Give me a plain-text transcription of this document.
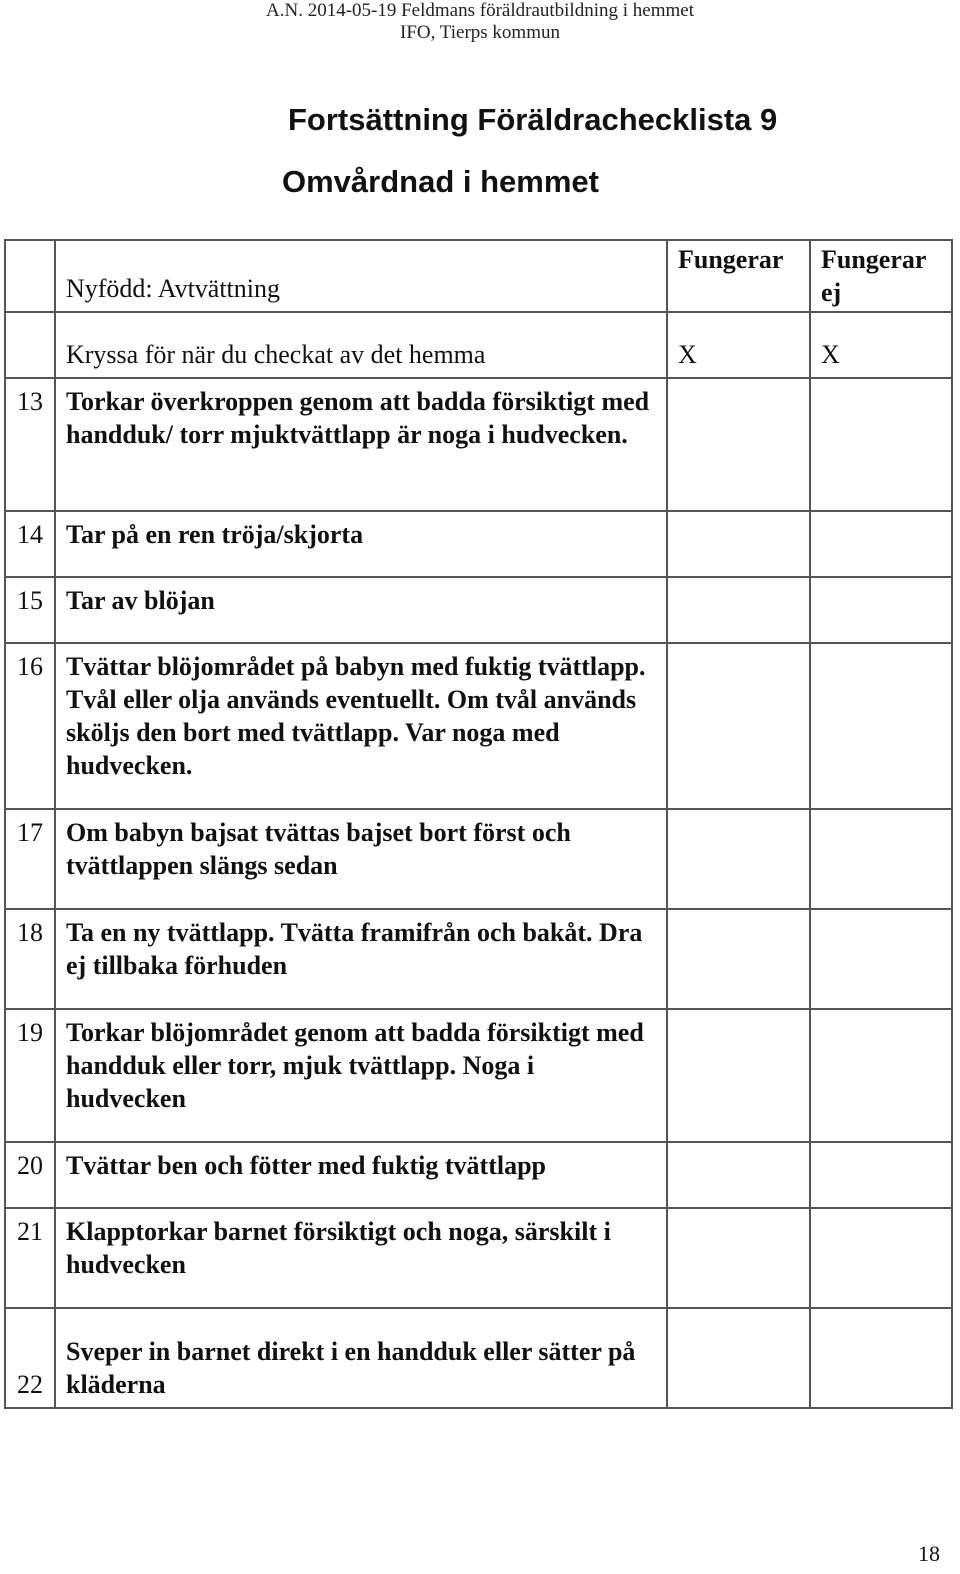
A.N. 2014-05-19 Feldmans föräldrautbildning i hemmet
IFO, Tierps kommun
Fortsättning Föräldrachecklista 9
Omvårdnad i hemmet
	Nyfödd: Avtvättning	Fungerar	Fungerar ej
	Kryssa för när du checkat av det hemma	X	X
13	Torkar överkroppen genom att badda försiktigt med handduk/ torr mjuktvättlapp är noga i hudvecken.		
14	Tar på en ren tröja/skjorta		
15	Tar av blöjan		
16	Tvättar blöjområdet på babyn med fuktig tvättlapp. Tvål eller olja används eventuellt. Om tvål används sköljs den bort med tvättlapp. Var noga med hudvecken.		
17	Om babyn bajsat tvättas bajset bort först och tvättlappen slängs sedan		
18	Ta en ny tvättlapp. Tvätta framifrån och bakåt. Dra ej tillbaka förhuden		
19	Torkar blöjområdet genom att badda försiktigt med handduk eller torr, mjuk tvättlapp. Noga i hudvecken		
20	Tvättar ben och fötter med fuktig tvättlapp		
21	Klapptorkar barnet försiktigt och noga, särskilt i hudvecken		
22	Sveper in barnet direkt i en handduk eller sätter på kläderna		
18
